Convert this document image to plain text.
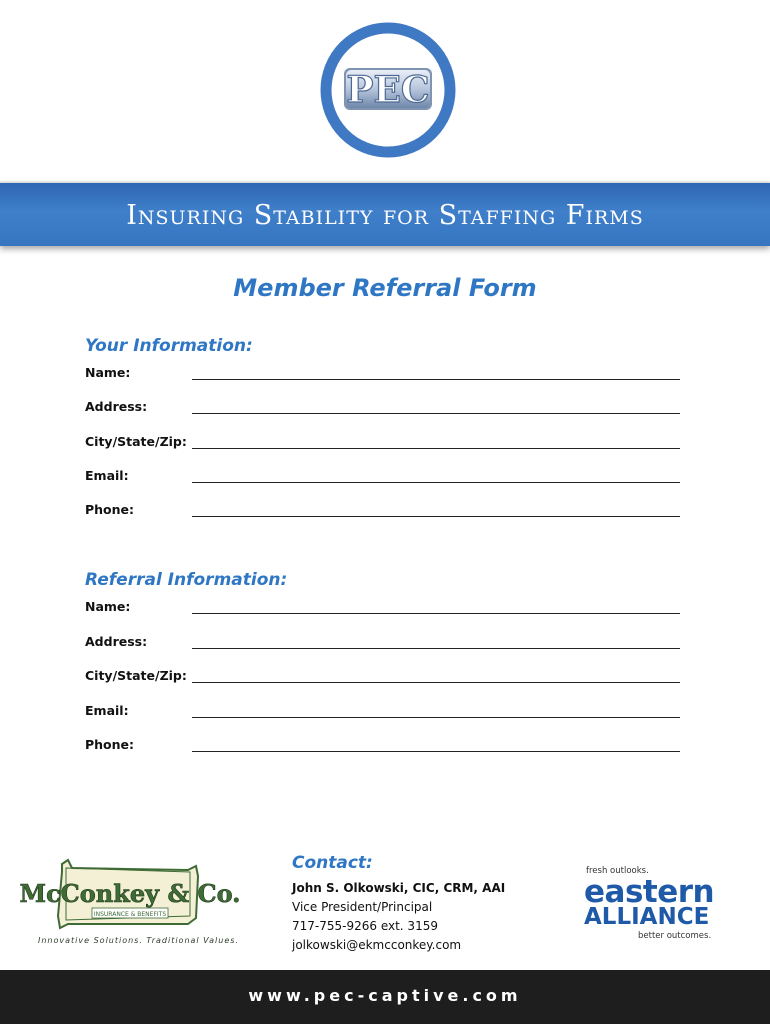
PEC
Insuring Stability for Staffing Firms
Member Referral Form
Your Information:
Name:
Address:
City/State/Zip:
Email:
Phone:
Referral Information:
Name:
Address:
City/State/Zip:
Email:
Phone:
McConkey & Co.
INSURANCE & BENEFITS
Innovative Solutions. Traditional Values.
Contact:
John S. Olkowski, CIC, CRM, AAI
Vice President/Principal
717-755-9266 ext. 3159
jolkowski@ekmcconkey.com
fresh outlooks.
eastern
ALLIANCE
better outcomes.
www.pec-captive.com
